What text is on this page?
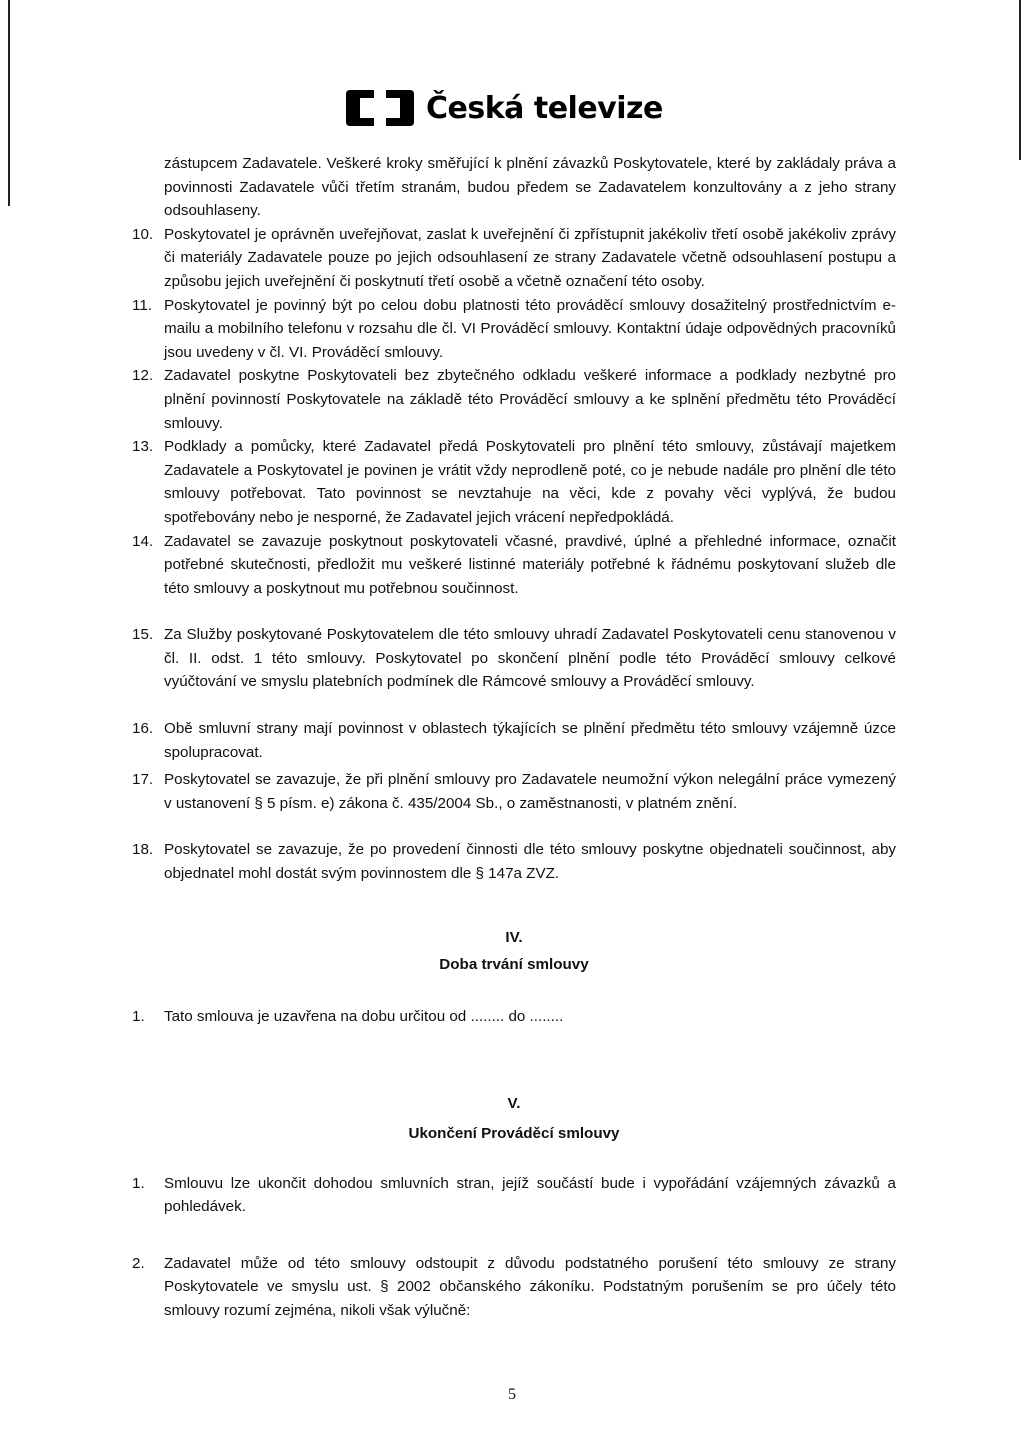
Česká televize

zástupcem Zadavatele. Veškeré kroky směřující k plnění závazků Poskytovatele, které by zakládaly práva a povinnosti Zadavatele vůči třetím stranám, budou předem se Zadavatelem konzultovány a z jeho strany odsouhlaseny.

10. Poskytovatel je oprávněn uveřejňovat, zaslat k uveřejnění či zpřístupnit jakékoliv třetí osobě jakékoliv zprávy či materiály Zadavatele pouze po jejich odsouhlasení ze strany Zadavatele včetně odsouhlasení postupu a způsobu jejich uveřejnění či poskytnutí třetí osobě a včetně označení této osoby.
11. Poskytovatel je povinný být po celou dobu platnosti této prováděcí smlouvy dosažitelný prostřednictvím e-mailu a mobilního telefonu v rozsahu dle čl. VI Prováděcí smlouvy. Kontaktní údaje odpovědných pracovníků jsou uvedeny v čl. VI. Prováděcí smlouvy.
12. Zadavatel poskytne Poskytovateli bez zbytečného odkladu veškeré informace a podklady nezbytné pro plnění povinností Poskytovatele na základě této Prováděcí smlouvy a ke splnění předmětu této Prováděcí smlouvy.
13. Podklady a pomůcky, které Zadavatel předá Poskytovateli pro plnění této smlouvy, zůstávají majetkem Zadavatele a Poskytovatel je povinen je vrátit vždy neprodleně poté, co je nebude nadále pro plnění dle této smlouvy potřebovat. Tato povinnost se nevztahuje na věci, kde z povahy věci vyplývá, že budou spotřebovány nebo je nesporné, že Zadavatel jejich vrácení nepředpokládá.
14. Zadavatel se zavazuje poskytnout poskytovateli včasné, pravdivé, úplné a přehledné informace, označit potřebné skutečnosti, předložit mu veškeré listinné materiály potřebné k řádnému poskytovaní služeb dle této smlouvy a poskytnout mu potřebnou součinnost.
15. Za Služby poskytované Poskytovatelem dle této smlouvy uhradí Zadavatel Poskytovateli cenu stanovenou v čl. II. odst. 1 této smlouvy. Poskytovatel po skončení plnění podle této Prováděcí smlouvy celkové vyúčtování ve smyslu platebních podmínek dle Rámcové smlouvy a Prováděcí smlouvy.
16. Obě smluvní strany mají povinnost v oblastech týkajících se plnění předmětu této smlouvy vzájemně úzce spolupracovat.
17. Poskytovatel se zavazuje, že při plnění smlouvy pro Zadavatele neumožní výkon nelegální práce vymezený v ustanovení § 5 písm. e) zákona č. 435/2004 Sb., o zaměstnanosti, v platném znění.
18. Poskytovatel se zavazuje, že po provedení činnosti dle této smlouvy poskytne objednateli součinnost, aby objednatel mohl dostát svým povinnostem dle § 147a ZVZ.
IV.
Doba trvání smlouvy
1.	Tato smlouva je uzavřena na dobu určitou od ........ do ........
V.
Ukončení Prováděcí smlouvy
1.	Smlouvu lze ukončit dohodou smluvních stran, jejíž součástí bude i vypořádání vzájemných závazků a pohledávek.
2.	Zadavatel může od této smlouvy odstoupit z důvodu podstatného porušení této smlouvy ze strany Poskytovatele ve smyslu ust. § 2002 občanského zákoníku. Podstatným porušením se pro účely této smlouvy rozumí zejména, nikoli však výlučně:
5
